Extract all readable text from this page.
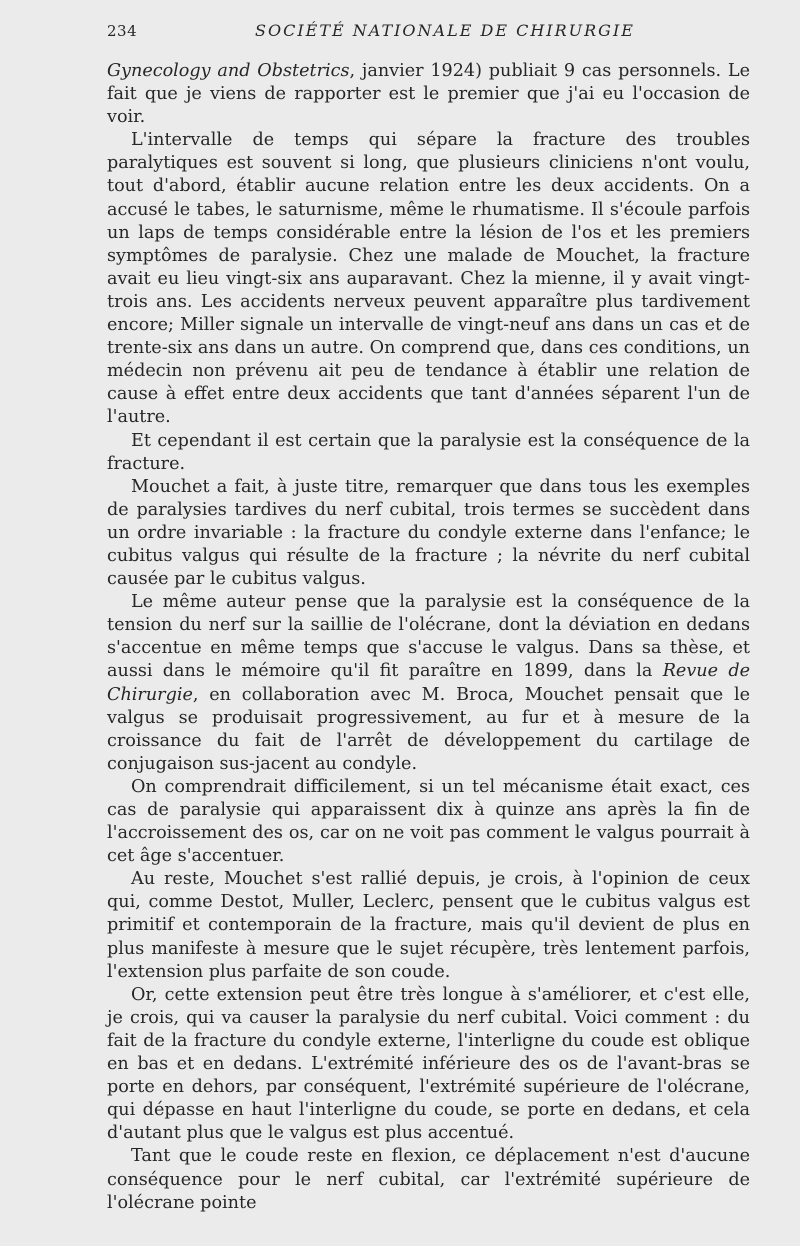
234	SOCIÉTÉ NATIONALE DE CHIRURGIE

Gynecology and Obstetrics, janvier 1924) publiait 9 cas personnels. Le fait que je viens de rapporter est le premier que j'ai eu l'occasion de voir.

L'intervalle de temps qui sépare la fracture des troubles paralytiques est souvent si long, que plusieurs cliniciens n'ont voulu, tout d'abord, établir aucune relation entre les deux accidents. On a accusé le tabes, le saturnisme, même le rhumatisme. Il s'écoule parfois un laps de temps considérable entre la lésion de l'os et les premiers symptômes de paralysie. Chez une malade de Mouchet, la fracture avait eu lieu vingt-six ans auparavant. Chez la mienne, il y avait vingt-trois ans. Les accidents nerveux peuvent apparaître plus tardivement encore; Miller signale un intervalle de vingt-neuf ans dans un cas et de trente-six ans dans un autre. On comprend que, dans ces conditions, un médecin non prévenu ait peu de tendance à établir une relation de cause à effet entre deux accidents que tant d'années séparent l'un de l'autre.

Et cependant il est certain que la paralysie est la conséquence de la fracture.

Mouchet a fait, à juste titre, remarquer que dans tous les exemples de paralysies tardives du nerf cubital, trois termes se succèdent dans un ordre invariable : la fracture du condyle externe dans l'enfance; le cubitus valgus qui résulte de la fracture ; la névrite du nerf cubital causée par le cubitus valgus.

Le même auteur pense que la paralysie est la conséquence de la tension du nerf sur la saillie de l'olécrane, dont la déviation en dedans s'accentue en même temps que s'accuse le valgus. Dans sa thèse, et aussi dans le mémoire qu'il fit paraître en 1899, dans la Revue de Chirurgie, en collaboration avec M. Broca, Mouchet pensait que le valgus se produisait progressivement, au fur et à mesure de la croissance du fait de l'arrêt de développement du cartilage de conjugaison sus-jacent au condyle.

On comprendrait difficilement, si un tel mécanisme était exact, ces cas de paralysie qui apparaissent dix à quinze ans après la fin de l'accroissement des os, car on ne voit pas comment le valgus pourrait à cet âge s'accentuer.

Au reste, Mouchet s'est rallié depuis, je crois, à l'opinion de ceux qui, comme Destot, Muller, Leclerc, pensent que le cubitus valgus est primitif et contemporain de la fracture, mais qu'il devient de plus en plus manifeste à mesure que le sujet récupère, très lentement parfois, l'extension plus parfaite de son coude.

Or, cette extension peut être très longue à s'améliorer, et c'est elle, je crois, qui va causer la paralysie du nerf cubital. Voici comment : du fait de la fracture du condyle externe, l'interligne du coude est oblique en bas et en dedans. L'extrémité inférieure des os de l'avant-bras se porte en dehors, par conséquent, l'extrémité supérieure de l'olécrane, qui dépasse en haut l'interligne du coude, se porte en dedans, et cela d'autant plus que le valgus est plus accentué.

Tant que le coude reste en flexion, ce déplacement n'est d'aucune conséquence pour le nerf cubital, car l'extrémité supérieure de l'olécrane pointe
